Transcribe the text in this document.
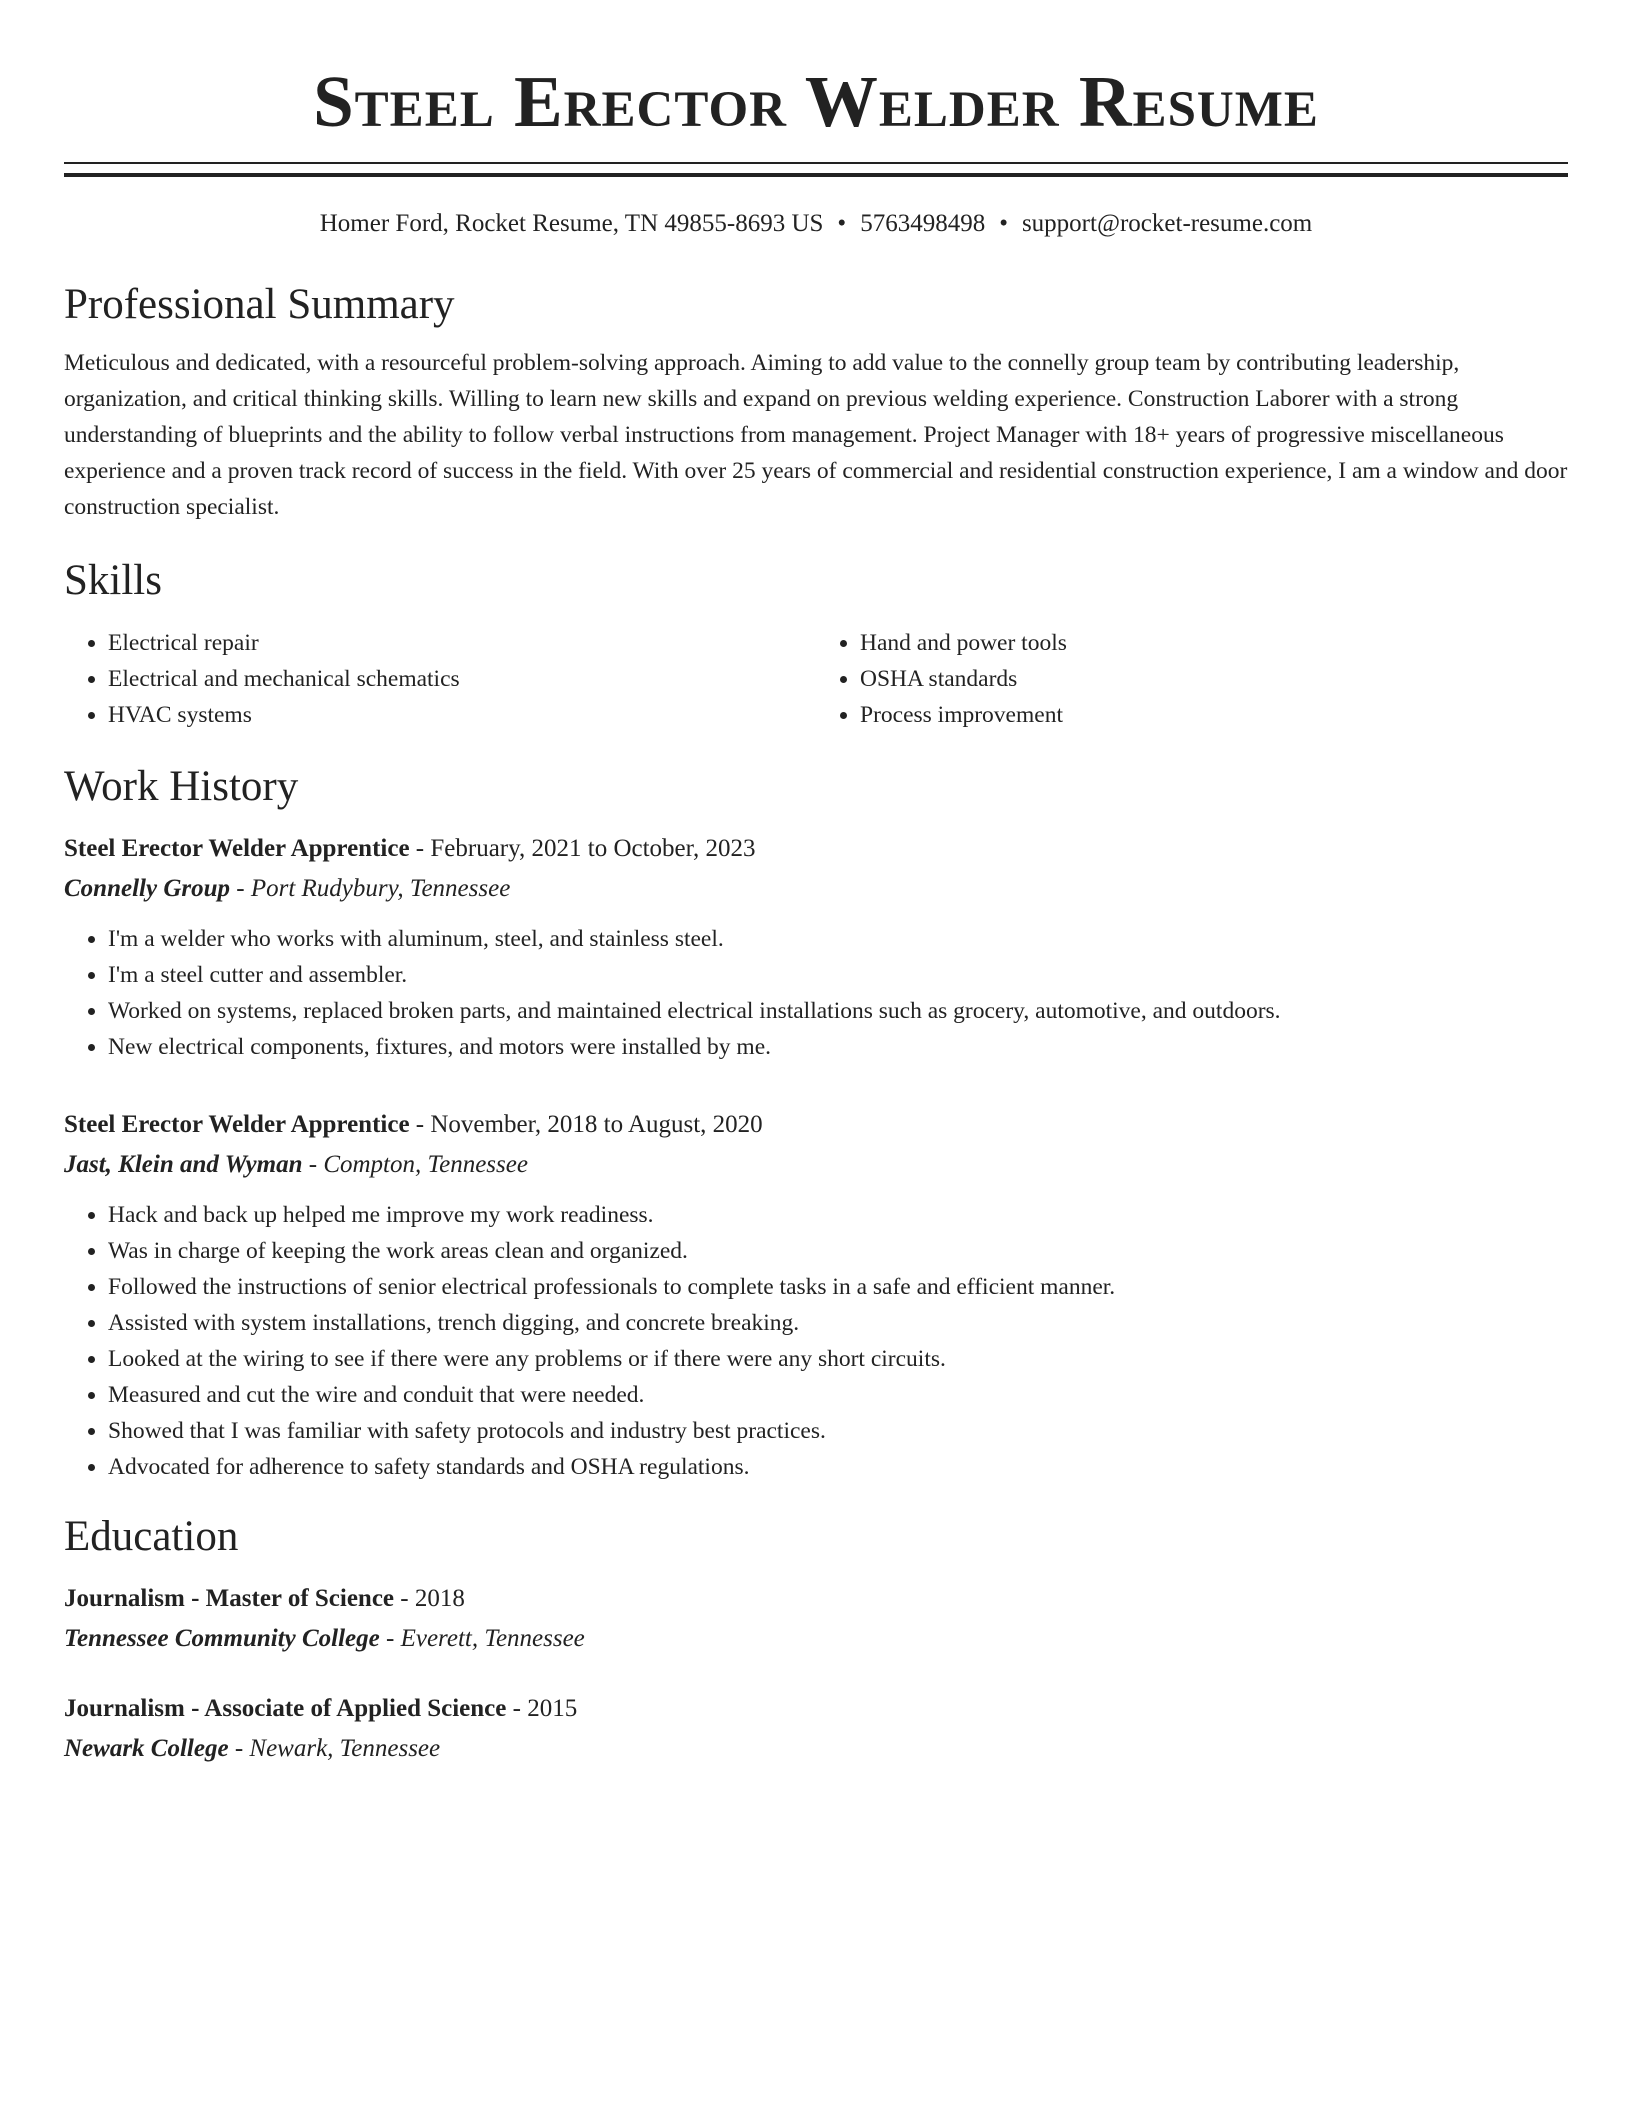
Steel Erector Welder Resume
Homer Ford, Rocket Resume, TN 49855-8693 US • 5763498498 • support@rocket-resume.com
Professional Summary

Meticulous and dedicated, with a resourceful problem-solving approach. Aiming to add value to the connelly group team by contributing leadership, organization, and critical thinking skills. Willing to learn new skills and expand on previous welding experience. Construction Laborer with a strong understanding of blueprints and the ability to follow verbal instructions from management. Project Manager with 18+ years of progressive miscellaneous experience and a proven track record of success in the field. With over 25 years of commercial and residential construction experience, I am a window and door construction specialist.

Skills
• Electrical repair
• Electrical and mechanical schematics
• HVAC systems
• Hand and power tools
• OSHA standards
• Process improvement
Work History
Steel Erector Welder Apprentice - February, 2021 to October, 2023
Connelly Group - Port Rudybury, Tennessee
• I'm a welder who works with aluminum, steel, and stainless steel.
• I'm a steel cutter and assembler.
• Worked on systems, replaced broken parts, and maintained electrical installations such as grocery, automotive, and outdoors.
• New electrical components, fixtures, and motors were installed by me.
Steel Erector Welder Apprentice - November, 2018 to August, 2020
Jast, Klein and Wyman - Compton, Tennessee
• Hack and back up helped me improve my work readiness.
• Was in charge of keeping the work areas clean and organized.
• Followed the instructions of senior electrical professionals to complete tasks in a safe and efficient manner.
• Assisted with system installations, trench digging, and concrete breaking.
• Looked at the wiring to see if there were any problems or if there were any short circuits.
• Measured and cut the wire and conduit that were needed.
• Showed that I was familiar with safety protocols and industry best practices.
• Advocated for adherence to safety standards and OSHA regulations.
Education
Journalism - Master of Science - 2018
Tennessee Community College - Everett, Tennessee
Journalism - Associate of Applied Science - 2015
Newark College - Newark, Tennessee
